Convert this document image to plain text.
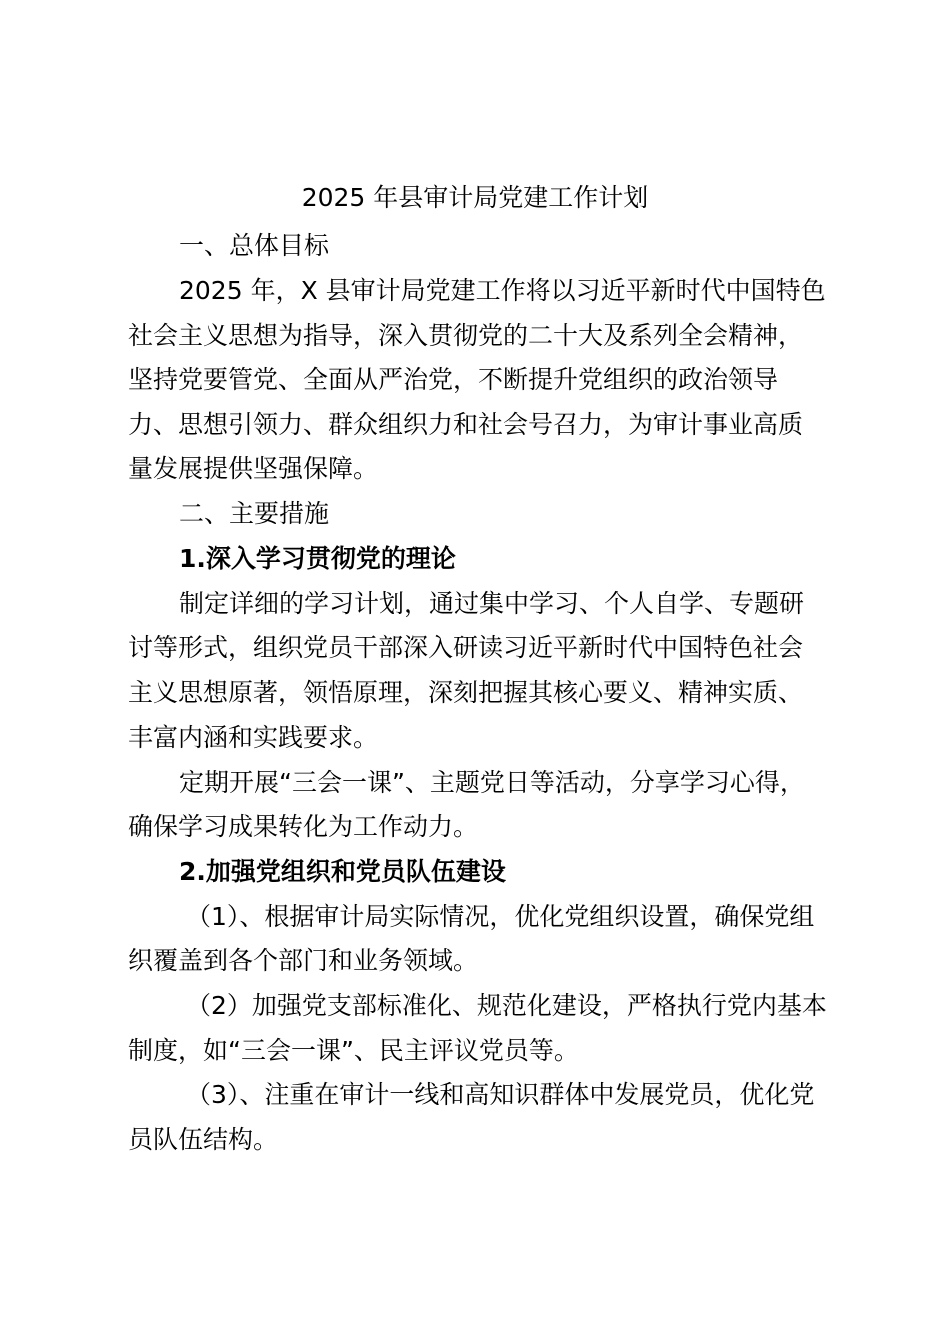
2025 年县审计局党建工作计划
一、总体目标
2025 年，X 县审计局党建工作将以习近平新时代中国特色
社会主义思想为指导，深入贯彻党的二十大及系列全会精神，
坚持党要管党、全面从严治党，不断提升党组织的政治领导
力、思想引领力、群众组织力和社会号召力，为审计事业高质
量发展提供坚强保障。
二、主要措施
1.深入学习贯彻党的理论
制定详细的学习计划，通过集中学习、个人自学、专题研
讨等形式，组织党员干部深入研读习近平新时代中国特色社会
主义思想原著，领悟原理，深刻把握其核心要义、精神实质、
丰富内涵和实践要求。
定期开展“三会一课”、主题党日等活动，分享学习心得，
确保学习成果转化为工作动力。
2.加强党组织和党员队伍建设
（1）、根据审计局实际情况，优化党组织设置，确保党组
织覆盖到各个部门和业务领域。
（2）加强党支部标准化、规范化建设，严格执行党内基本
制度，如“三会一课”、民主评议党员等。
（3）、注重在审计一线和高知识群体中发展党员，优化党
员队伍结构。
